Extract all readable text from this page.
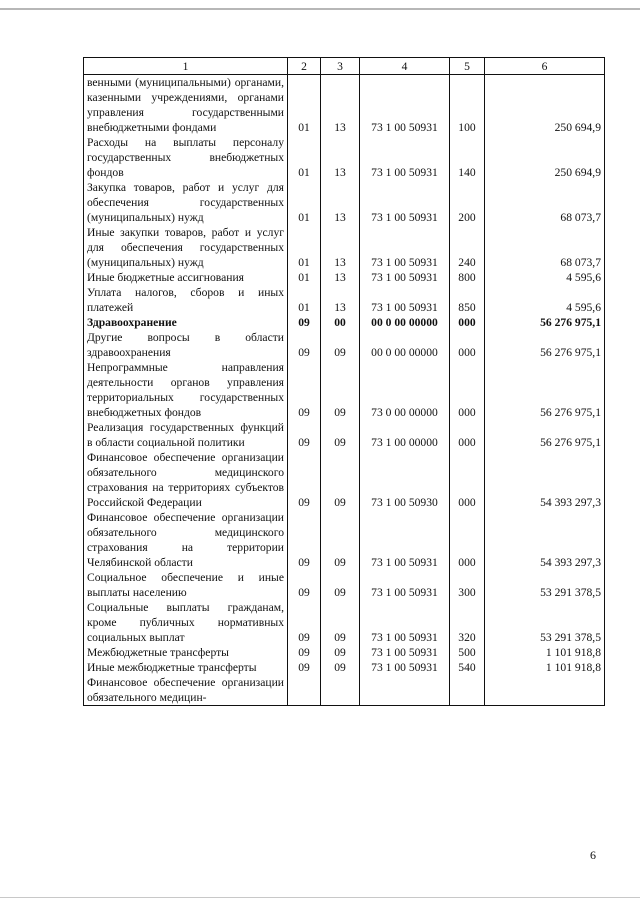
1	2	3	4	5	6
венными (муниципальными) органами, казенными учреждениями, органами управления государственными внебюджетными фондами	01	13	73 1 00 50931	100	250 694,9
Расходы на выплаты персоналу государственных внебюджетных фондов	01	13	73 1 00 50931	140	250 694,9
Закупка товаров, работ и услуг для обеспечения государственных (муниципальных) нужд	01	13	73 1 00 50931	200	68 073,7
Иные закупки товаров, работ и услуг для обеспечения государственных (муниципальных) нужд	01	13	73 1 00 50931	240	68 073,7
Иные бюджетные ассигнования	01	13	73 1 00 50931	800	4 595,6
Уплата налогов, сборов и иных платежей	01	13	73 1 00 50931	850	4 595,6
Здравоохранение	09	00	00 0 00 00000	000	56 276 975,1
Другие вопросы в области здравоохранения	09	09	00 0 00 00000	000	56 276 975,1
Непрограммные направления деятельности органов управления территориальных государственных внебюджетных фондов	09	09	73 0 00 00000	000	56 276 975,1
Реализация государственных функций в области социальной политики	09	09	73 1 00 00000	000	56 276 975,1
Финансовое обеспечение организации обязательного медицинского страхования на территориях субъектов Российской Федерации	09	09	73 1 00 50930	000	54 393 297,3
Финансовое обеспечение организации обязательного медицинского страхования на территории Челябинской области	09	09	73 1 00 50931	000	54 393 297,3
Социальное обеспечение и иные выплаты населению	09	09	73 1 00 50931	300	53 291 378,5
Социальные выплаты гражданам, кроме публичных нормативных социальных выплат	09	09	73 1 00 50931	320	53 291 378,5
Межбюджетные трансферты	09	09	73 1 00 50931	500	1 101 918,8
Иные межбюджетные трансферты	09	09	73 1 00 50931	540	1 101 918,8
Финансовое обеспечение организации обязательного медицин-					
6
